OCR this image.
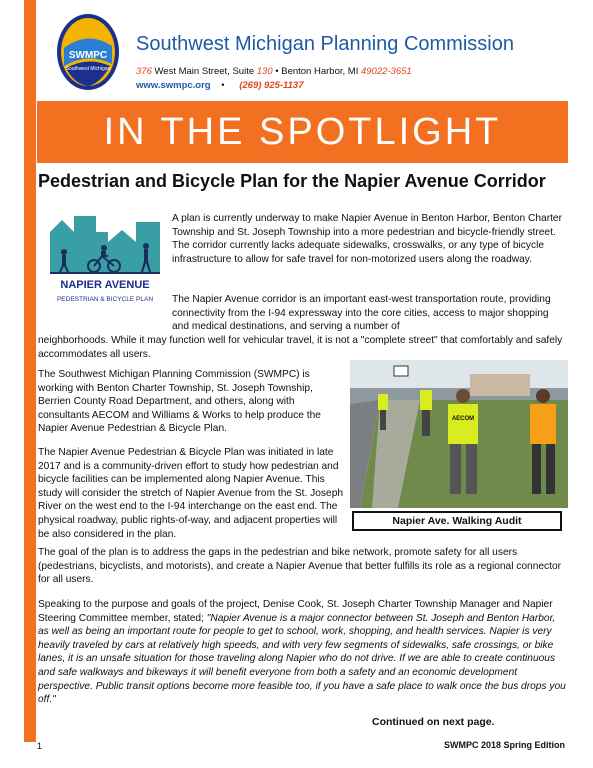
SWMPC
Southwest Michigan
Southwest Michigan Planning Commission
376 West Main Street, Suite 130 • Benton Harbor, MI 49022-3651
www.swmpc.org • (269) 925-1137
IN THE SPOTLIGHT
Pedestrian and Bicycle Plan for the Napier Avenue Corridor
NAPIER AVENUE
PEDESTRIAN & BICYCLE PLAN

A plan is currently underway to make Napier Avenue in Benton Harbor, Benton Charter Township and St. Joseph Township into a more pedestrian and bicycle-friendly street. The corridor currently lacks adequate sidewalks, crosswalks, or any type of bicycle infrastructure to allow for safe travel for non-motorized users along the roadway.

The Napier Avenue corridor is an important east-west transportation route, providing connectivity from the I-94 expressway into the core cities, access to major shopping and medical destinations, and serving a number of

neighborhoods. While it may function well for vehicular travel, it is not a "complete street" that comfortably and safely accommodates all users.

The Southwest Michigan Planning Commission (SWMPC) is working with Benton Charter Township, St. Joseph Township, Berrien County Road Department, and others, along with consultants AECOM and Williams & Works to help produce the Napier Avenue Pedestrian & Bicycle Plan.

The Napier Avenue Pedestrian & Bicycle Plan was initiated in late 2017 and is a community-driven effort to study how pedestrian and bicycle facilities can be implemented along Napier Avenue. This study will consider the stretch of Napier Avenue from the St. Joseph River on the west end to the I-94 interchange on the east end. The physical roadway, public rights-of-way, and adjacent properties will be also considered in the plan.

AECOM
Napier Ave. Walking Audit

The goal of the plan is to address the gaps in the pedestrian and bike network, promote safety for all users (pedestrians, bicyclists, and motorists), and create a Napier Avenue that better fulfills its role as a regional connector for all users.

Speaking to the purpose and goals of the project, Denise Cook, St. Joseph Charter Township Manager and Napier Steering Committee member, stated; "Napier Avenue is a major connector between St. Joseph and Benton Harbor, as well as being an important route for people to get to school, work, shopping, and health services. Napier is very heavily traveled by cars at relatively high speeds, and with very few segments of sidewalks, safe crossings, or bike lanes, it is an unsafe situation for those traveling along Napier who do not drive. If we are able to create continuous and safe walkways and bikeways it will benefit everyone from both a safety and an economic development perspective. Public transit options become more feasible too, if you have a safe place to walk once the bus drops you off."

Continued on next page.
1	SWMPC 2018 Spring Edition
